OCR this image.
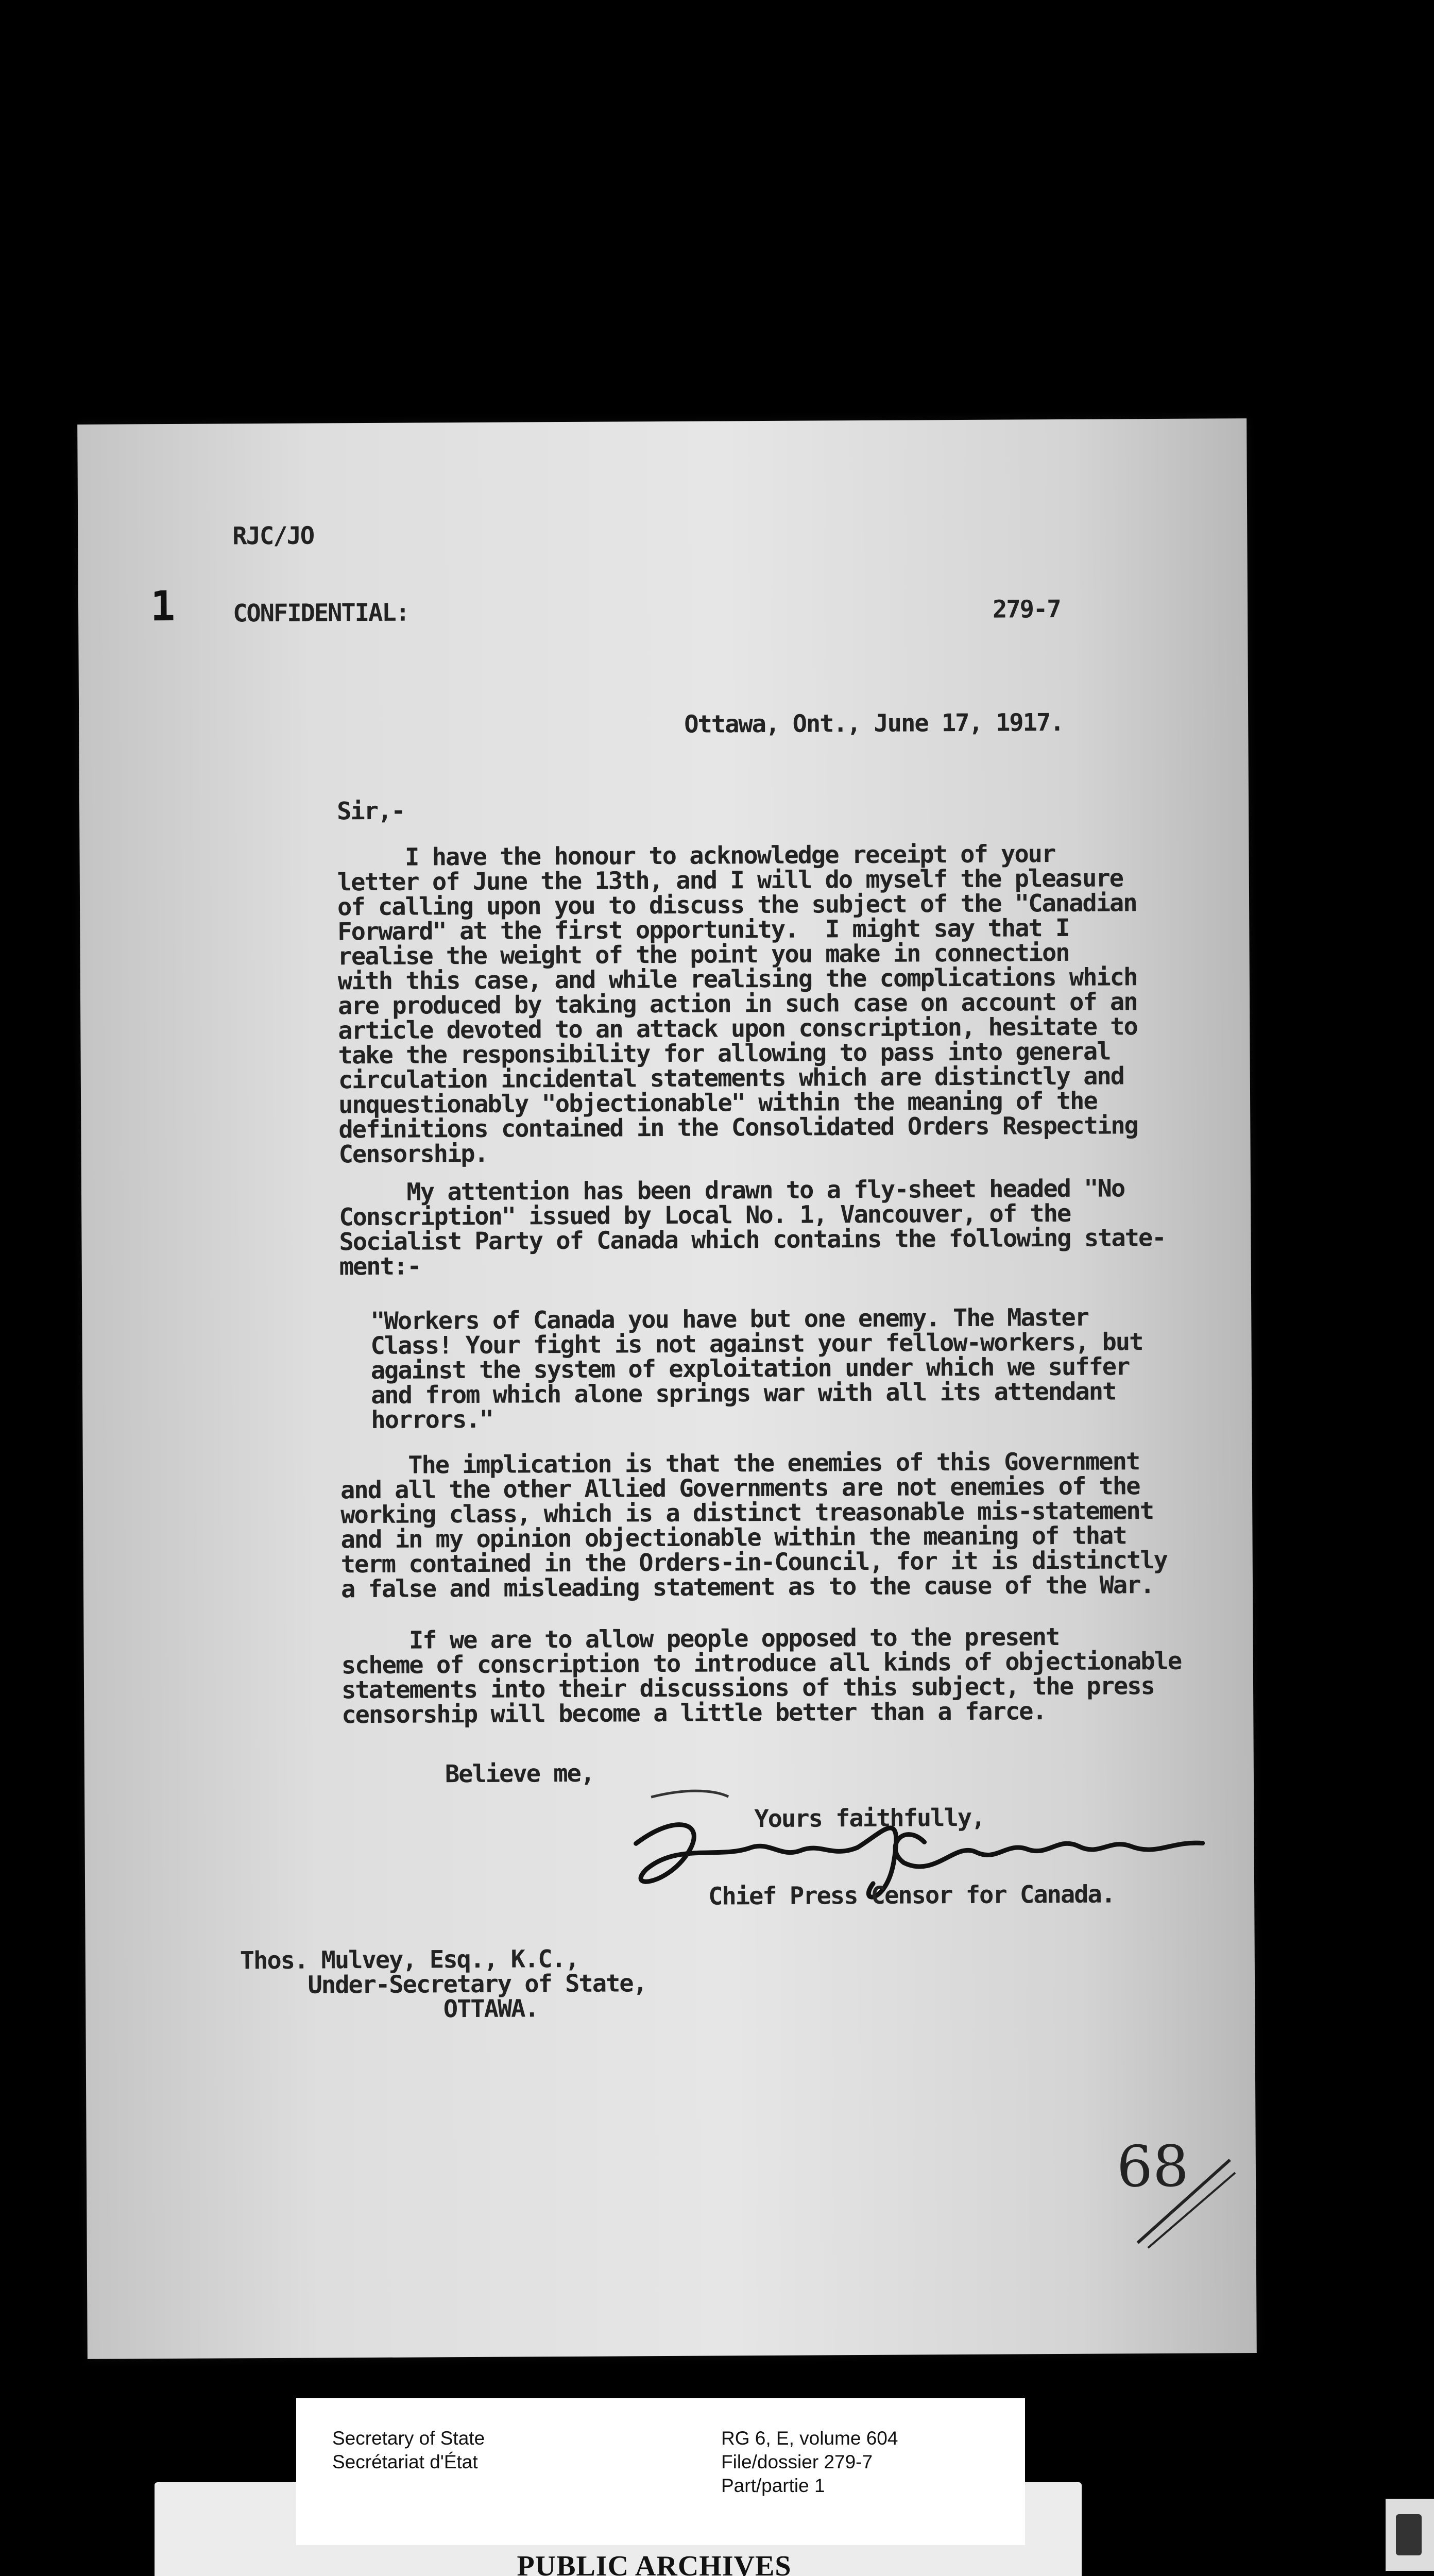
RJC/JO
1 CONFIDENTIAL:	279-7
Ottawa, Ont., June 17, 1917.
Sir,-
I have the honour to acknowledge receipt of your
letter of June the 13th, and I will do myself the pleasure
of calling upon you to discuss the subject of the "Canadian
Forward" at the first opportunity.  I might say that I
realise the weight of the point you make in connection
with this case, and while realising the complications which
are produced by taking action in such case on account of an
article devoted to an attack upon conscription, hesitate to
take the responsibility for allowing to pass into general
circulation incidental statements which are distinctly and
unquestionably "objectionable" within the meaning of the
definitions contained in the Consolidated Orders Respecting
Censorship.
My attention has been drawn to a fly-sheet headed "No
Conscription" issued by Local No. 1, Vancouver, of the
Socialist Party of Canada which contains the following state-
ment:-
"Workers of Canada you have but one enemy. The Master
Class! Your fight is not against your fellow-workers, but
against the system of exploitation under which we suffer
and from which alone springs war with all its attendant
horrors."
The implication is that the enemies of this Government
and all the other Allied Governments are not enemies of the
working class, which is a distinct treasonable mis-statement
and in my opinion objectionable within the meaning of that
term contained in the Orders-in-Council, for it is distinctly
a false and misleading statement as to the cause of the War.
If we are to allow people opposed to the present
scheme of conscription to introduce all kinds of objectionable
statements into their discussions of this subject, the press
censorship will become a little better than a farce.
Believe me,
Yours faithfully,
Chief Press Censor for Canada.
Thos. Mulvey, Esq., K.C.,
Under-Secretary of State,
OTTAWA.
68
Secretary of State
Secrétariat d'État
RG 6, E, volume 604
File/dossier 279-7
Part/partie 1
PUBLIC ARCHIVES
